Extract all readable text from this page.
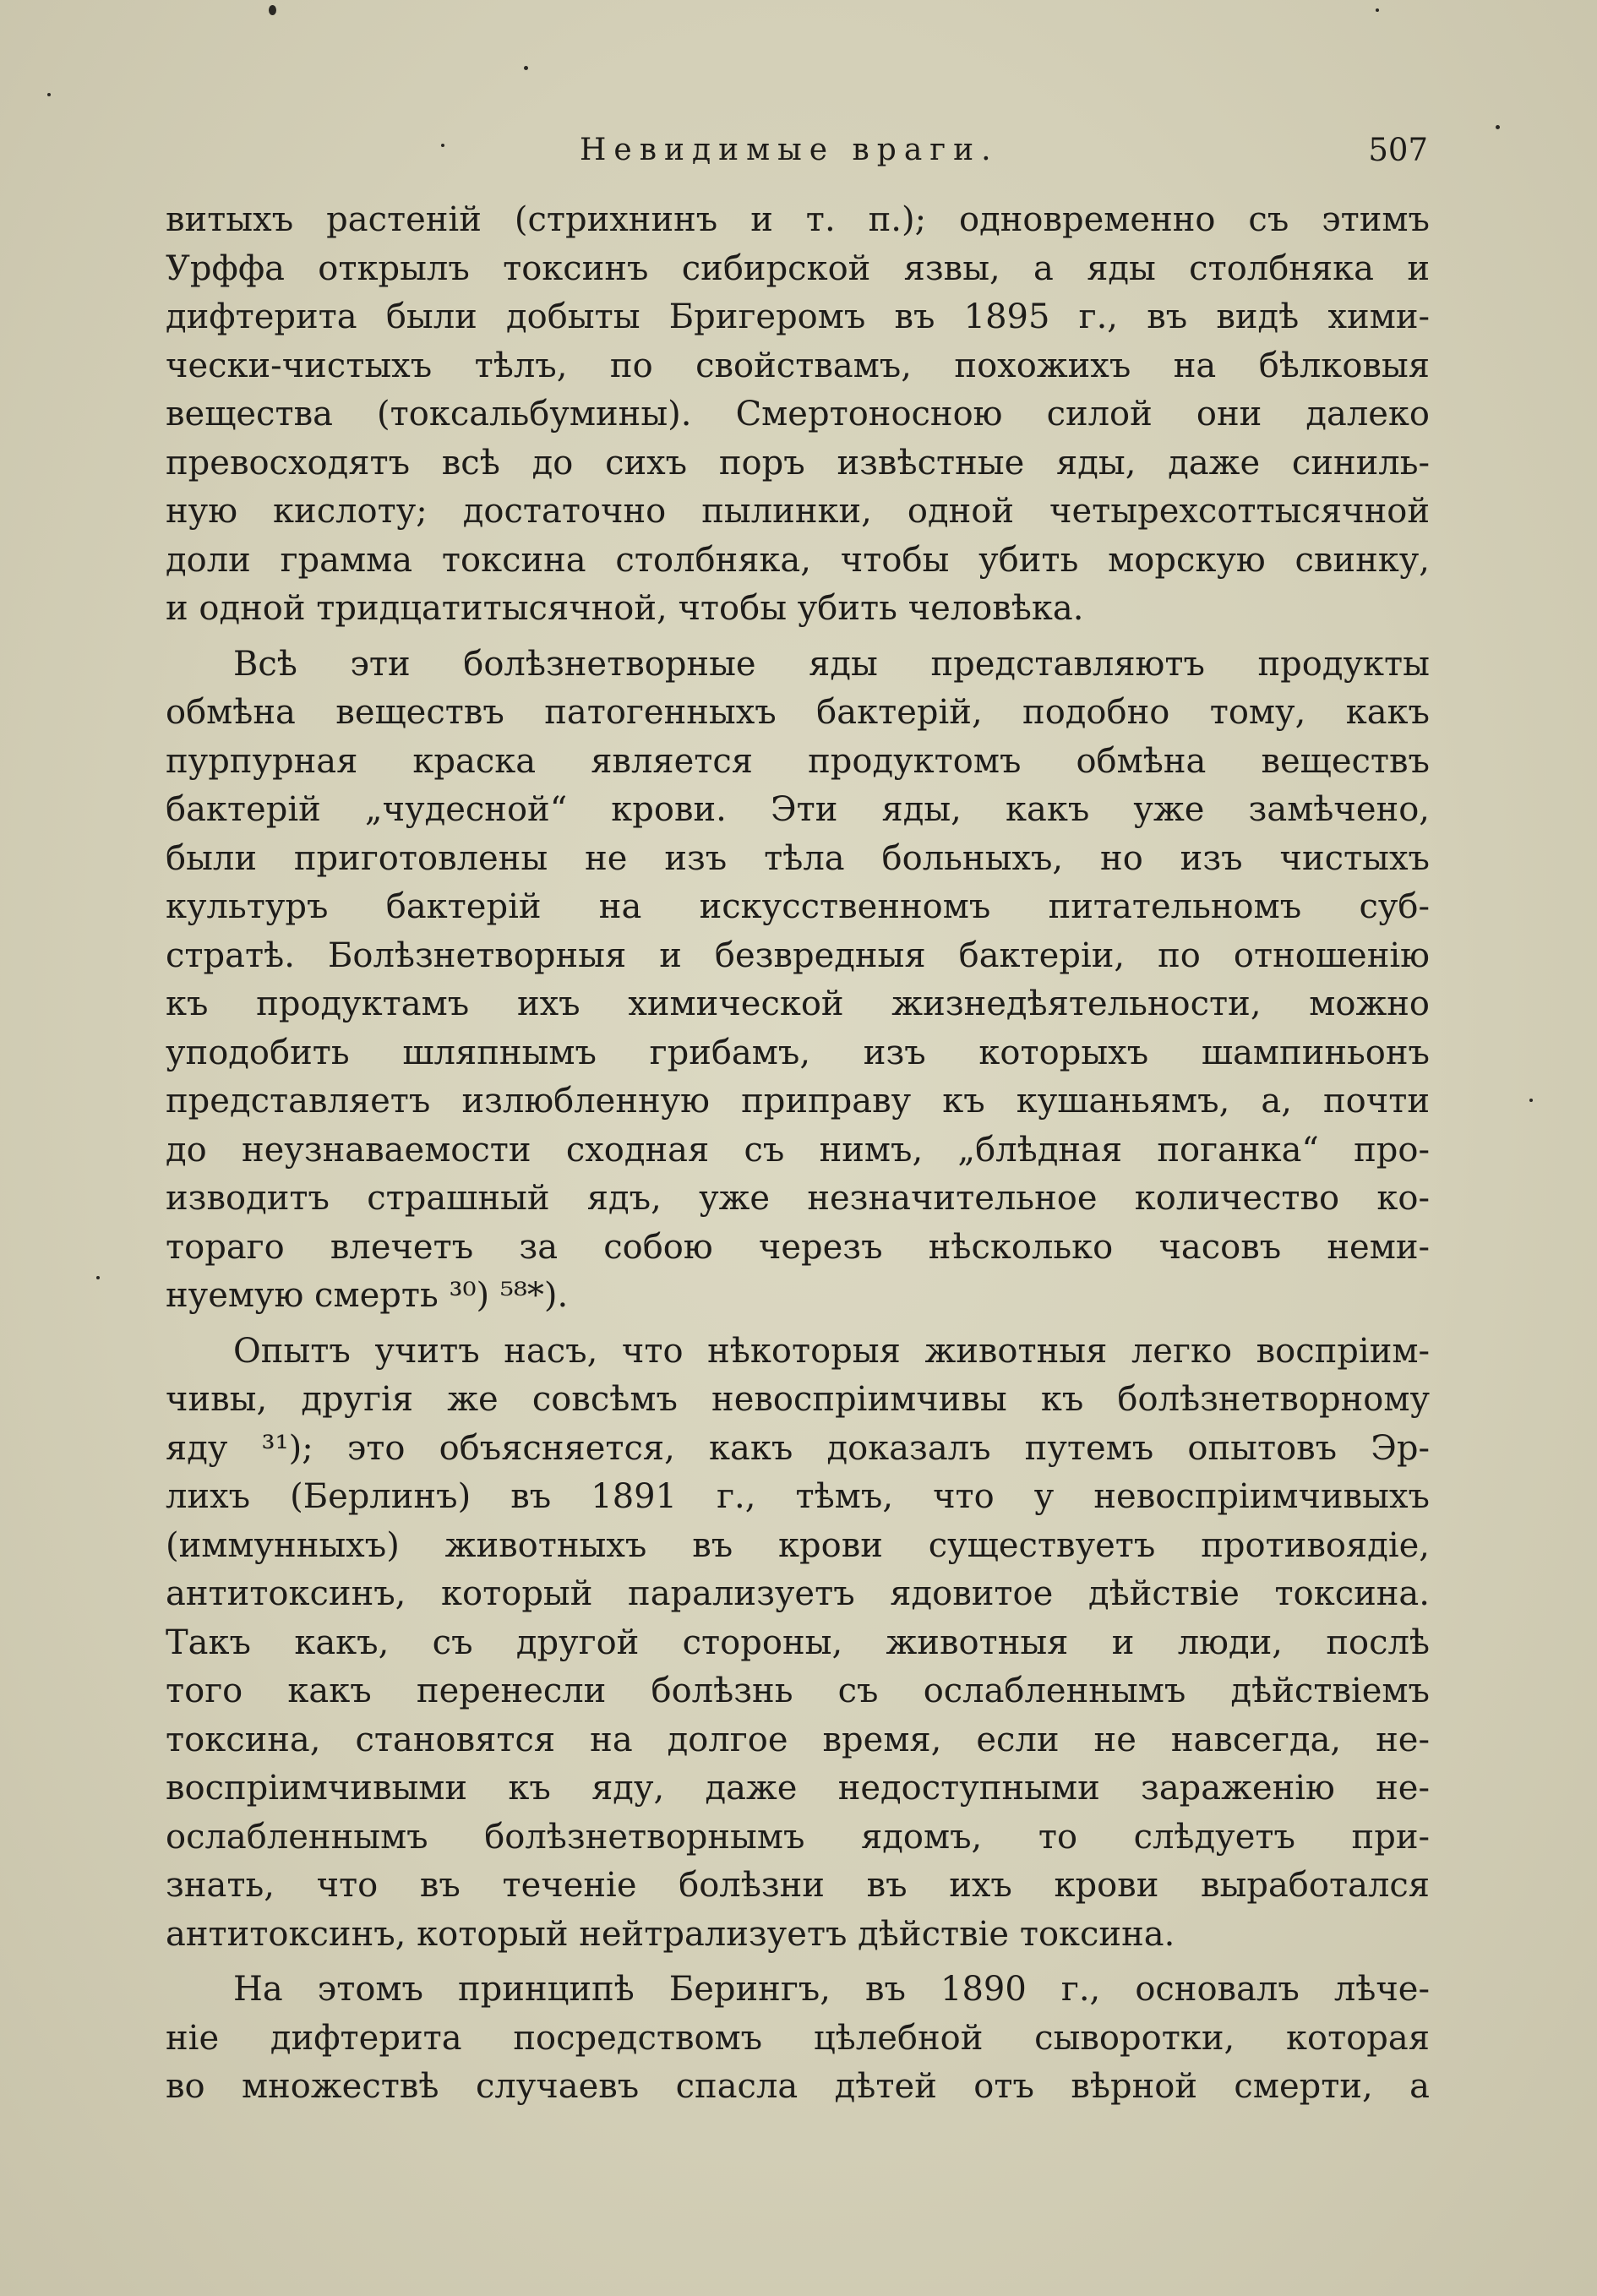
Невидимые враги.	507
витыхъ растеній (стрихнинъ и т. п.); одновременно съ этимъ
Урффа открылъ токсинъ сибирской язвы, а яды столбняка и
дифтерита были добыты Бригеромъ въ 1895 г., въ видѣ хими-
чески-чистыхъ тѣлъ, по свойствамъ, похожихъ на бѣлковыя
вещества (токсальбумины). Смертоносною силой они далеко
превосходятъ всѣ до сихъ поръ извѣстные яды, даже синиль-
ную кислоту; достаточно пылинки, одной четырехсоттысячной
доли грамма токсина столбняка, чтобы убить морскую свинку,
и одной тридцатитысячной, чтобы убить человѣка.
Всѣ эти болѣзнетворные яды представляютъ продукты
обмѣна веществъ патогенныхъ бактерій, подобно тому, какъ
пурпурная краска является продуктомъ обмѣна веществъ
бактерій „чудесной“ крови. Эти яды, какъ уже замѣчено,
были приготовлены не изъ тѣла больныхъ, но изъ чистыхъ
культуръ бактерій на искусственномъ питательномъ суб-
стратѣ. Болѣзнетворныя и безвредныя бактеріи, по отношенію
къ продуктамъ ихъ химической жизнедѣятельности, можно
уподобить шляпнымъ грибамъ, изъ которыхъ шампиньонъ
представляетъ излюбленную приправу къ кушаньямъ, а, почти
до неузнаваемости сходная съ нимъ, „блѣдная поганка“ про-
изводитъ страшный ядъ, уже незначительное количество ко-
тораго влечетъ за собою черезъ нѣсколько часовъ неми-
нуемую смерть ³⁰) ⁵⁸*).
Опытъ учитъ насъ, что нѣкоторыя животныя легко воспріим-
чивы, другія же совсѣмъ невоспріимчивы къ болѣзнетворному
яду ³¹); это объясняется, какъ доказалъ путемъ опытовъ Эр-
лихъ (Берлинъ) въ 1891 г., тѣмъ, что у невоспріимчивыхъ
(иммунныхъ) животныхъ въ крови существуетъ противоядіе,
антитоксинъ, который парализуетъ ядовитое дѣйствіе токсина.
Такъ какъ, съ другой стороны, животныя и люди, послѣ
того какъ перенесли болѣзнь съ ослабленнымъ дѣйствіемъ
токсина, становятся на долгое время, если не навсегда, не-
воспріимчивыми къ яду, даже недоступными зараженію не-
ослабленнымъ болѣзнетворнымъ ядомъ, то слѣдуетъ при-
знать, что въ теченіе болѣзни въ ихъ крови выработался
антитоксинъ, который нейтрализуетъ дѣйствіе токсина.
На этомъ принципѣ Берингъ, въ 1890 г., основалъ лѣче-
ніе дифтерита посредствомъ цѣлебной сыворотки, которая
во множествѣ случаевъ спасла дѣтей отъ вѣрной смерти, а
